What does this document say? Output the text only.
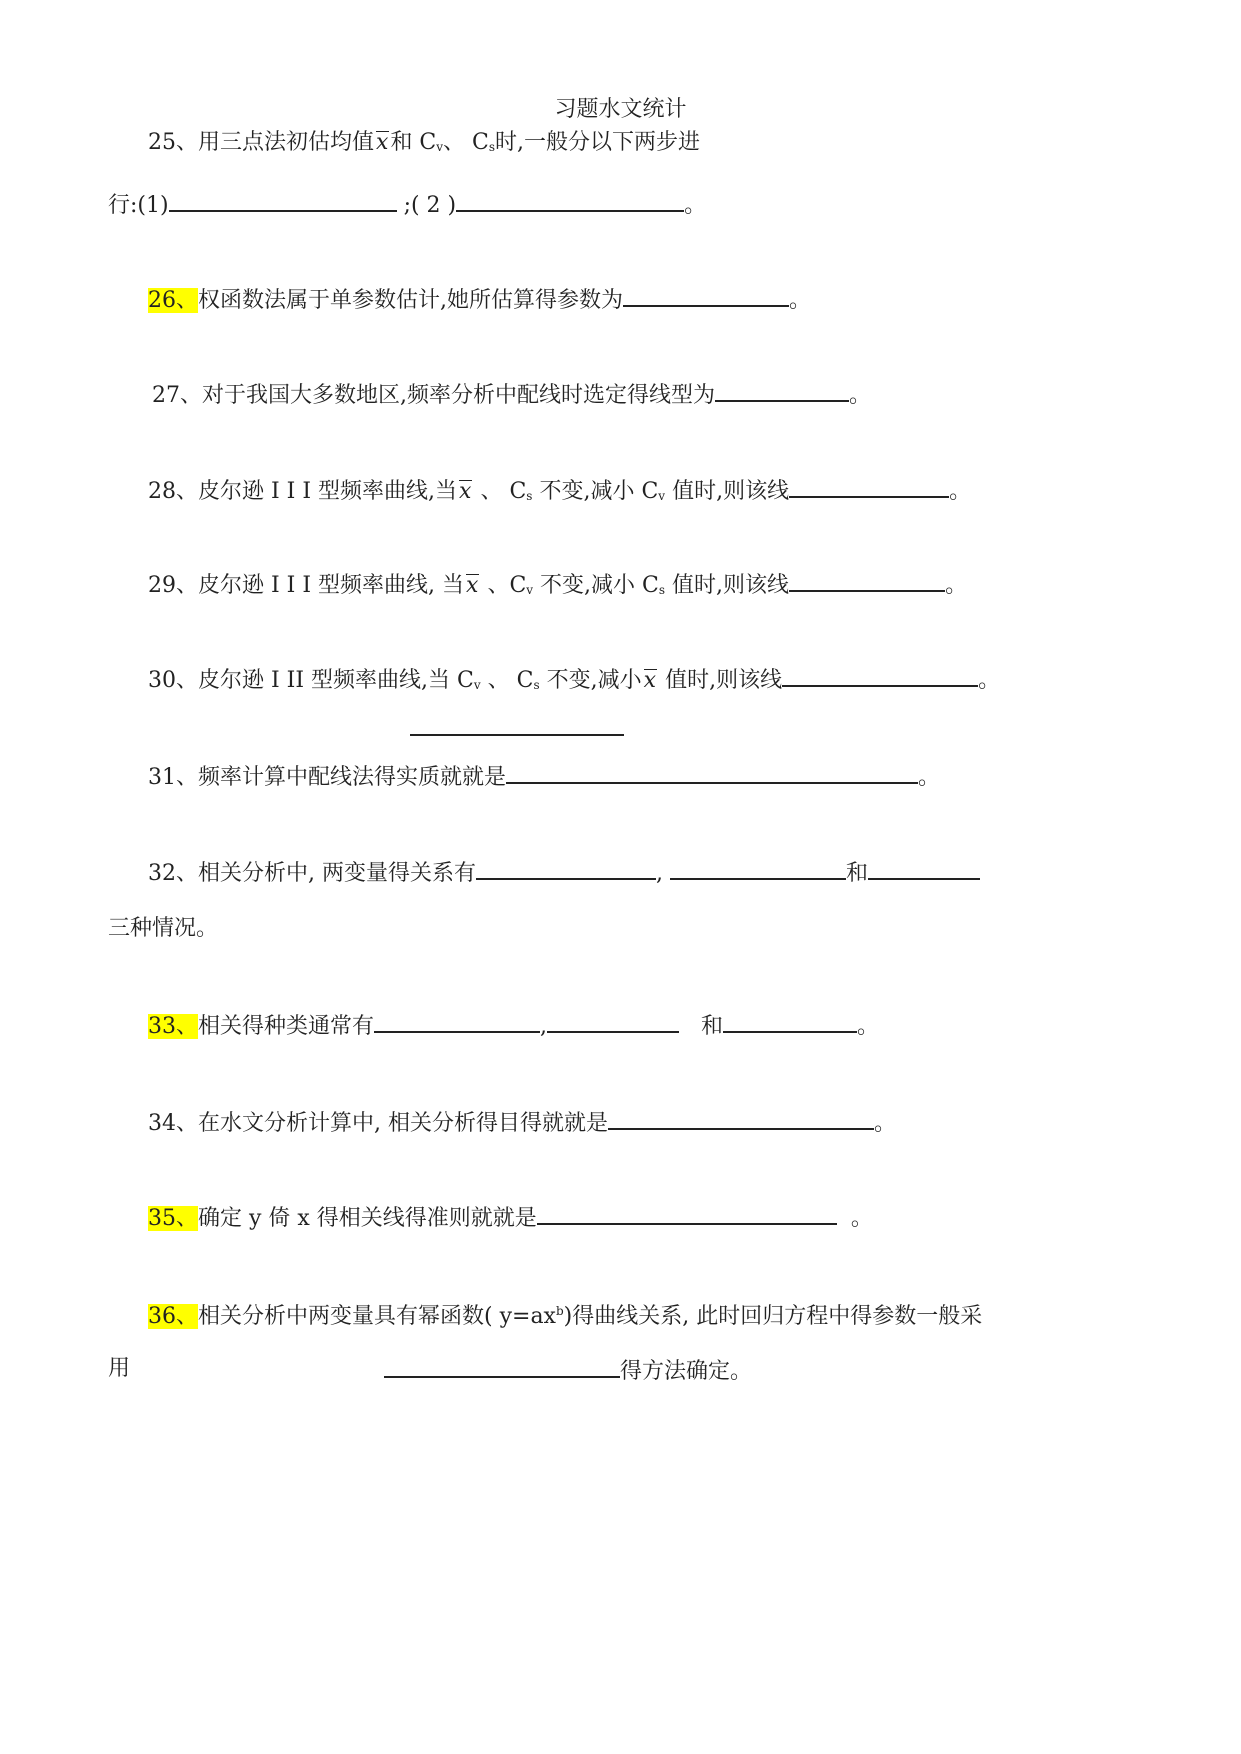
习题水文统计
25、用三点法初估均值x和 Cv、 Cs时,一般分以下两步进
行:(1)	;( 2 )	。
26、权函数法属于单参数估计,她所估算得参数为	。
27、对于我国大多数地区,频率分析中配线时选定得线型为	。
28、皮尔逊 I I I 型频率曲线,当x 、 Cs 不变,减小 Cv 值时,则该线	。
29、皮尔逊 I I I 型频率曲线, 当x 、Cv 不变,减小 Cs 值时,则该线	。
30、皮尔逊 I II 型频率曲线,当 Cv 、 Cs 不变,减小x 值时,则该线	。
31、频率计算中配线法得实质就就是	。
32、相关分析中, 两变量得关系有	,	和
三种情况。
33、相关得种类通常有	,	和	。
34、在水文分析计算中, 相关分析得目得就就是	。
35、确定 y 倚 x 得相关线得准则就就是	。
36、相关分析中两变量具有幂函数( $y=ax^b$)得曲线关系, 此时回归方程中得参数一般采
用	得方法确定。
